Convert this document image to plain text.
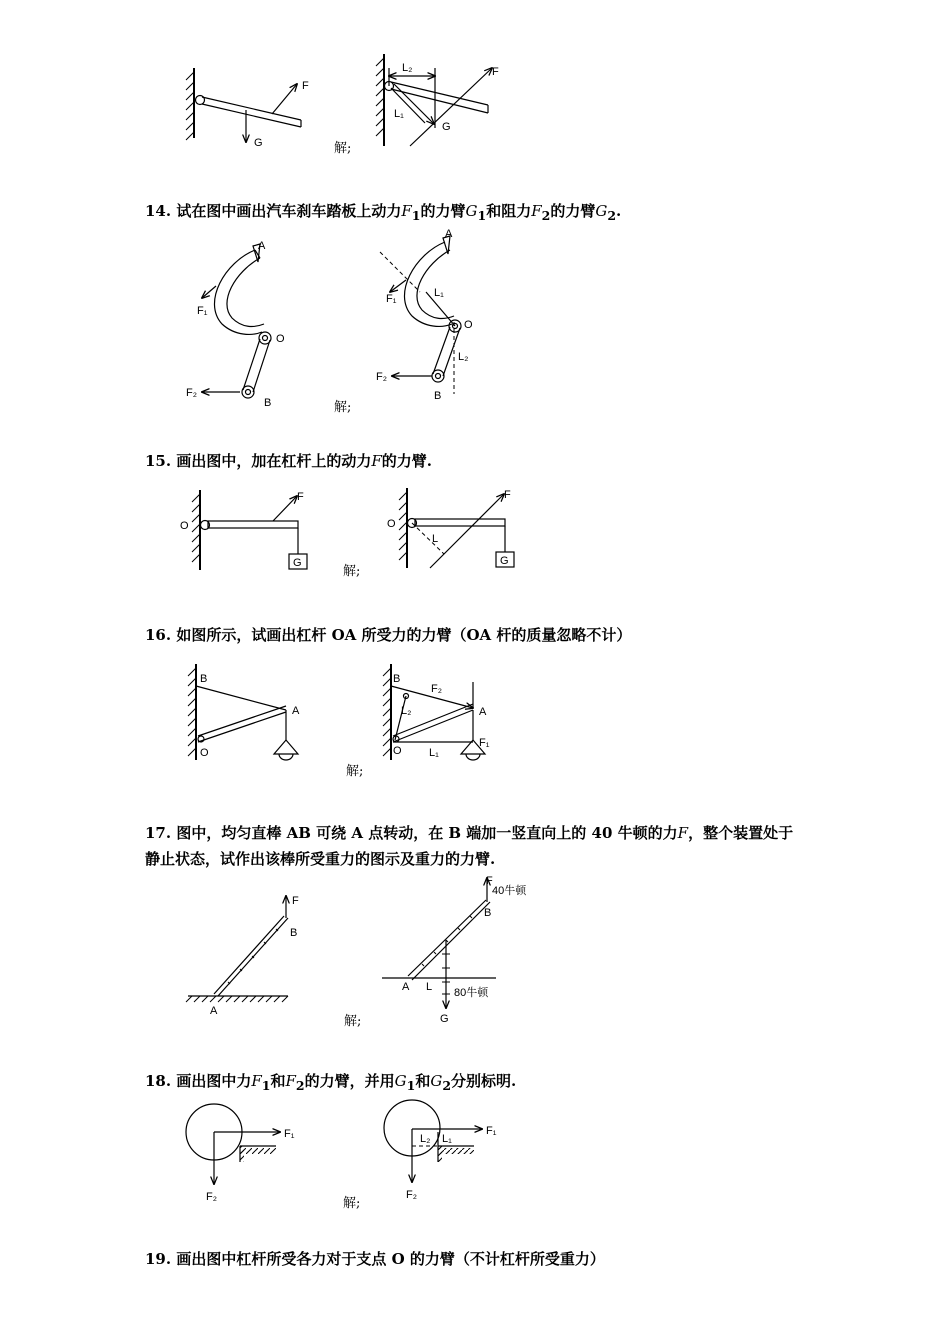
F
G
L₂	F
L₁
G
解;
14. 试在图中画出汽车刹车踏板上动力$F_1$的力臂$G_1$和阻力$F_2$的力臂$G_2$.
A
F₁
O
F₂
B
A
F₁	L₁
O
L₂
F₂
B
解;
15. 画出图中，加在杠杆上的动力F的力臂.
O
F
G
O
F
L
G
解;
16. 如图所示，试画出杠杆 OA 所受力的力臂（OA 杆的质量忽略不计）
B
A
O
B
F₂
L₂	A
O L₁
F₁
解;
17. 图中，均匀直棒 AB 可绕 A 点转动，在 B 端加一竖直向上的 40 牛顿的力F，整个装置处于
静止状态，试作出该棒所受重力的图示及重力的力臂.
F
B
A
F
40牛顿
B
A L 80牛顿
G
解;
18. 画出图中力$F_1$和$F_2$的力臂，并用$G_1$和$G_2$分别标明.
F₁
F₂
L₂ L₁
F₁
F₂
解;
19. 画出图中杠杆所受各力对于支点 O 的力臂（不计杠杆所受重力）
